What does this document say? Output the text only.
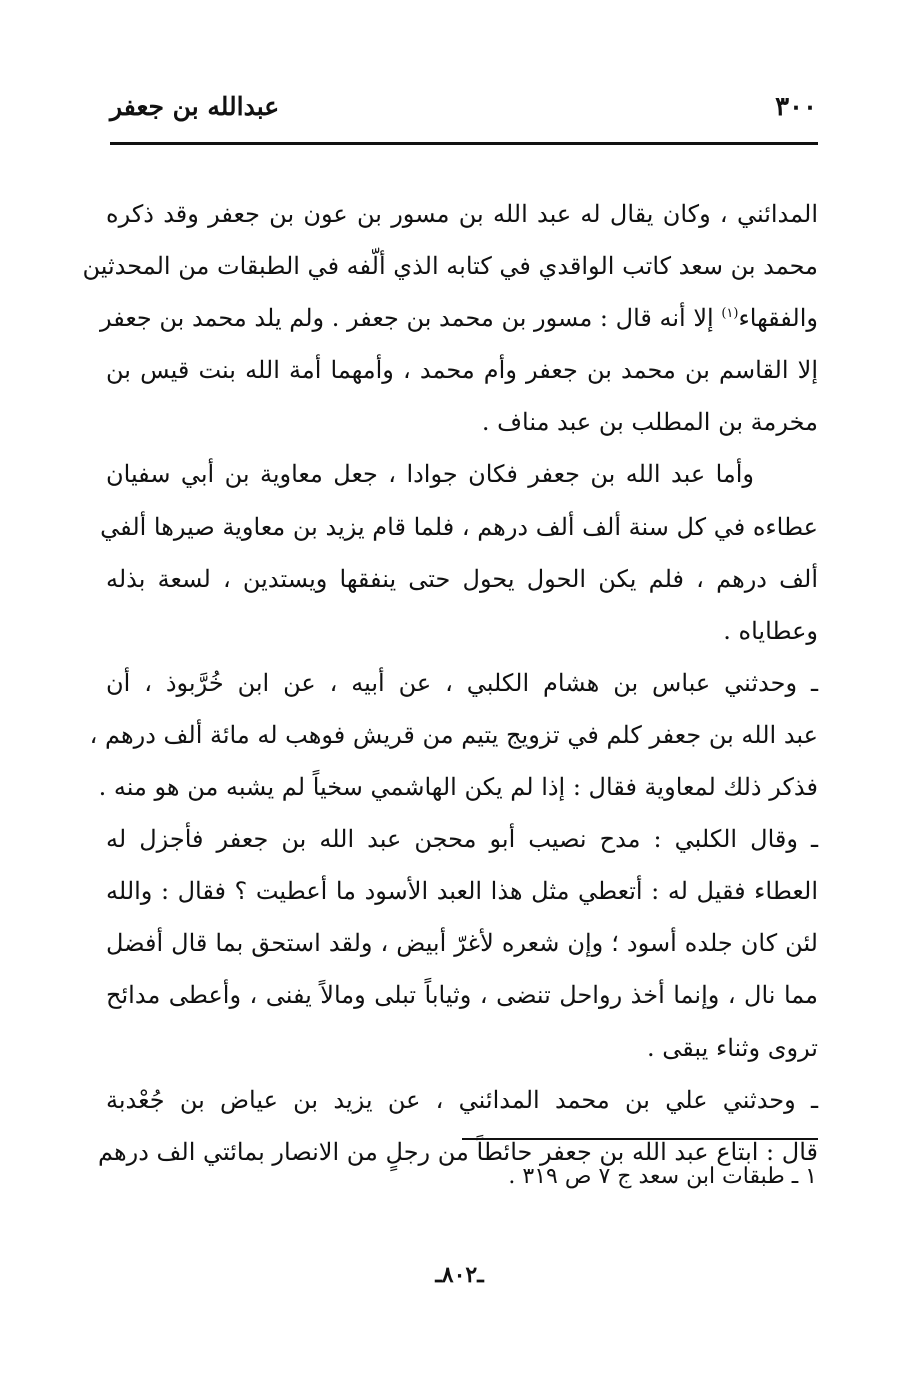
٣٠٠
عبدالله بن جعفر
المدائني ، وكان يقال له عبد الله بن مسور بن عون بن جعفر وقد ذكره
محمد بن سعد كاتب الواقدي في كتابه الذي ألّفه في الطبقات من المحدثين
والفقهاء$^{(١)}$ إلا أنه قال : مسور بن محمد بن جعفر . ولم يلد محمد بن جعفر
إلا القاسم بن محمد بن جعفر وأم محمد ، وأمهما أمة الله بنت قيس بن
مخرمة بن المطلب بن عبد مناف .
وأما عبد الله بن جعفر فكان جوادا ، جعل معاوية بن أبي سفيان
عطاءه في كل سنة ألف ألف درهم ، فلما قام يزيد بن معاوية صيرها ألفي
ألف درهم ، فلم يكن الحول يحول حتى ينفقها ويستدين ، لسعة بذله
وعطاياه .
ـ وحدثني عباس بن هشام الكلبي ، عن أبيه ، عن ابن خُرَّبوذ ، أن
عبد الله بن جعفر كلم في تزويج يتيم من قريش فوهب له مائة ألف درهم ،
فذكر ذلك لمعاوية فقال : إذا لم يكن الهاشمي سخياً لم يشبه من هو منه .
ـ وقال الكلبي : مدح نصيب أبو محجن عبد الله بن جعفر فأجزل له
العطاء فقيل له : أتعطي مثل هذا العبد الأسود ما أعطيت ؟ فقال : والله
لئن كان جلده أسود ؛ وإن شعره لأغرّ أبيض ، ولقد استحق بما قال أفضل
مما نال ، وإنما أخذ رواحل تنضى ، وثياباً تبلى ومالاً يفنى ، وأعطى مدائح
تروى وثناء يبقى .
ـ وحدثني علي بن محمد المدائني ، عن يزيد بن عياض بن جُعْدبة
قال : ابتاع عبد الله بن جعفر حائطاً من رجلٍ من الانصار بمائتي الف درهم
١ ـ طبقات ابن سعد ج ٧ ص ٣١٩ .
ـ٨٠٢ـ
